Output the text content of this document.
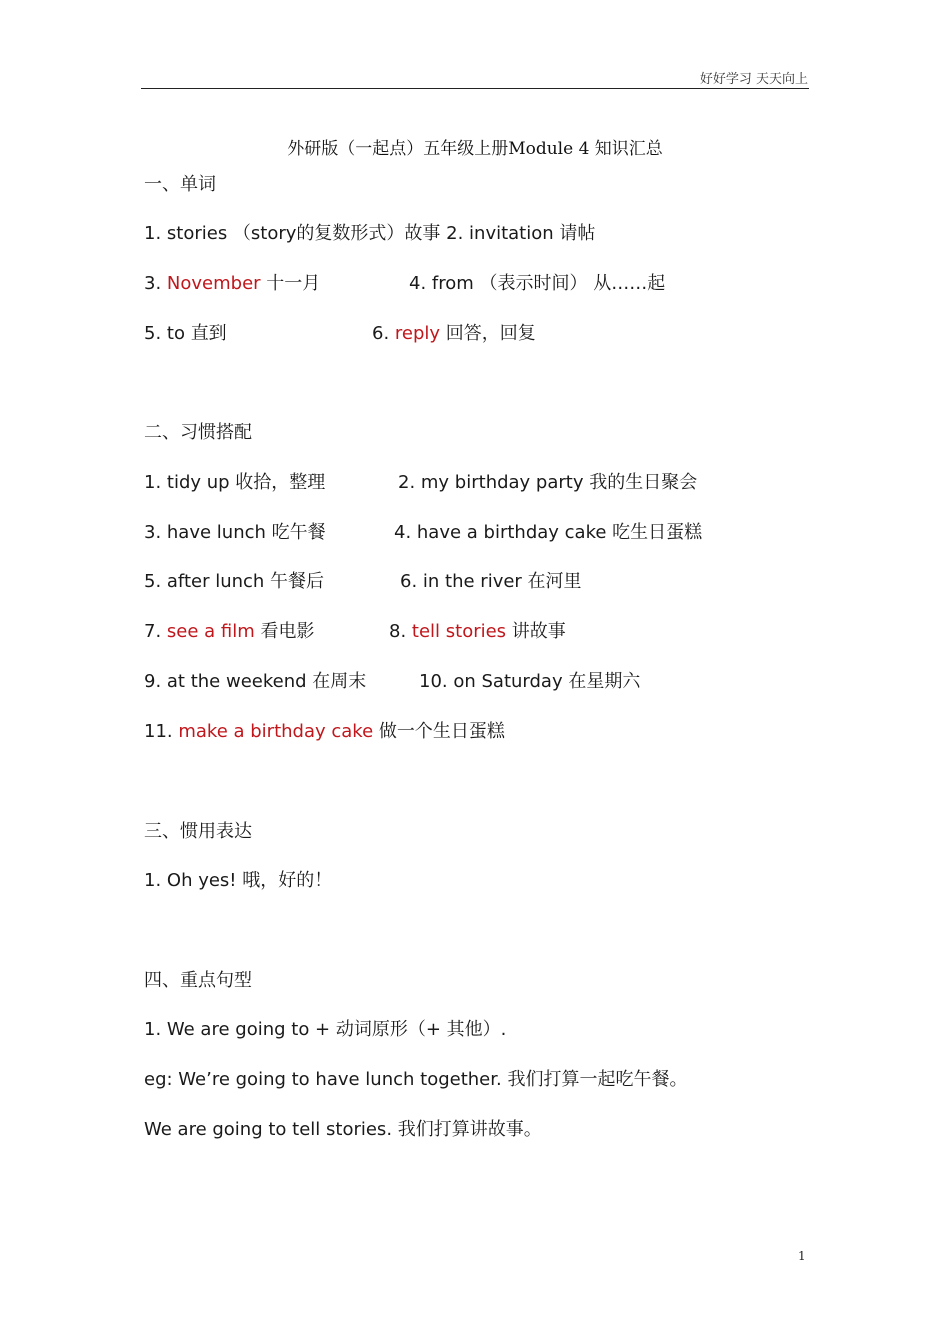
好好学习 天天向上
外研版（一起点）五年级上册Module 4 知识汇总
一、单词
1. stories （story的复数形式）故事 2. invitation 请帖
3. November 十一月	4. from （表示时间） 从……起
5. to 直到	6. reply 回答，回复
二、习惯搭配
1. tidy up 收拾，整理	2. my birthday party 我的生日聚会
3. have lunch 吃午餐	4. have a birthday cake 吃生日蛋糕
5. after lunch 午餐后	6. in the river 在河里
7. see a film 看电影	8. tell stories 讲故事
9. at the weekend 在周末	10. on Saturday 在星期六
11. make a birthday cake 做一个生日蛋糕
三、惯用表达
1. Oh yes! 哦，好的！
四、重点句型
1. We are going to + 动词原形（+ 其他）.
eg: We’re going to have lunch together. 我们打算一起吃午餐。
We are going to tell stories. 我们打算讲故事。
1
